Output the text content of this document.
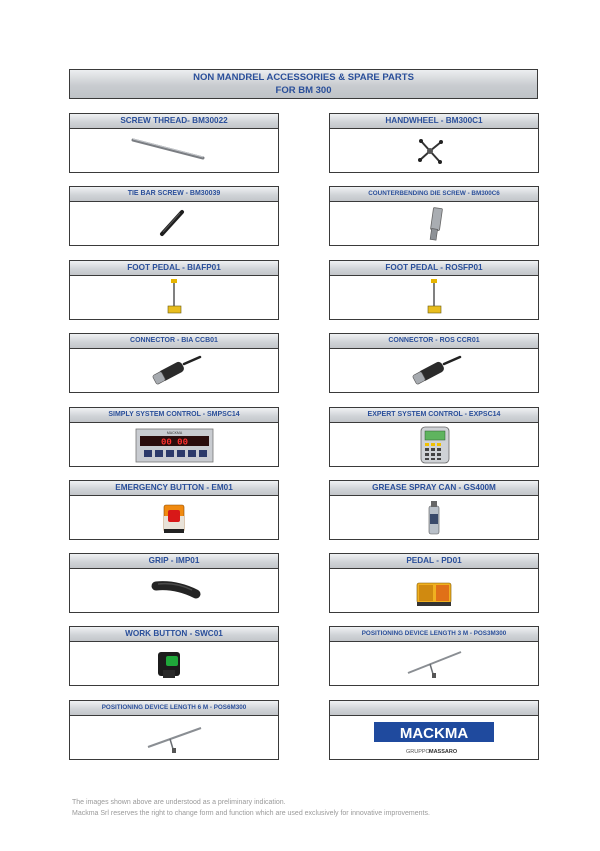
NON MANDREL ACCESSORIES & SPARE PARTS
FOR BM 300
SCREW THREAD- BM30022	HANDWHEEL - BM300C1
TIE BAR SCREW - BM30039	COUNTERBENDING DIE SCREW - BM300C6
FOOT PEDAL - BIAFP01	FOOT PEDAL - ROSFP01
CONNECTOR - BIA CCB01	CONNECTOR - ROS CCR01
SIMPLY SYSTEM CONTROL - SMPSC14
MACKMA
00 00
EXPERT SYSTEM CONTROL - EXPSC14
EMERGENCY BUTTON - EM01	GREASE SPRAY CAN - GS400M
GRIP - IMP01	PEDAL - PD01
WORK BUTTON - SWC01	POSITIONING DEVICE LENGTH 3 M - POS3M300
POSITIONING DEVICE LENGTH 6 M - POS6M300
MACKMA
GRUPPO MASSARO
The images shown above are understood as a preliminary indication.
Mackma Srl reserves the right to change form and function which are used exclusively for innovative improvements.
